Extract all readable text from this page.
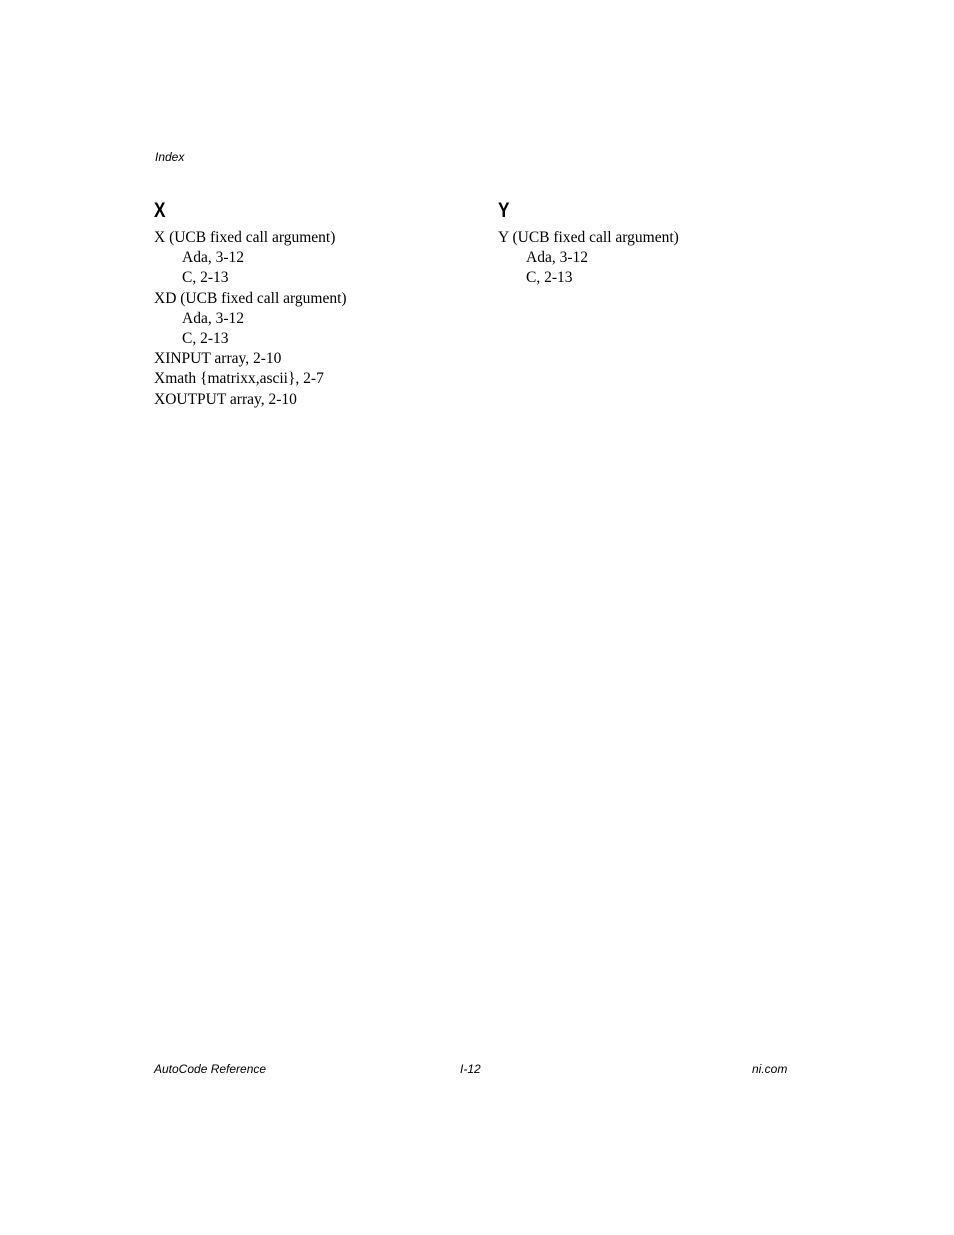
Index
X
X (UCB fixed call argument)
Ada, 3-12
C, 2-13
XD (UCB fixed call argument)
Ada, 3-12
C, 2-13
XINPUT array, 2-10
Xmath {matrixx,ascii}, 2-7
XOUTPUT array, 2-10
Y
Y (UCB fixed call argument)
Ada, 3-12
C, 2-13
AutoCode Reference	I-12	ni.com
